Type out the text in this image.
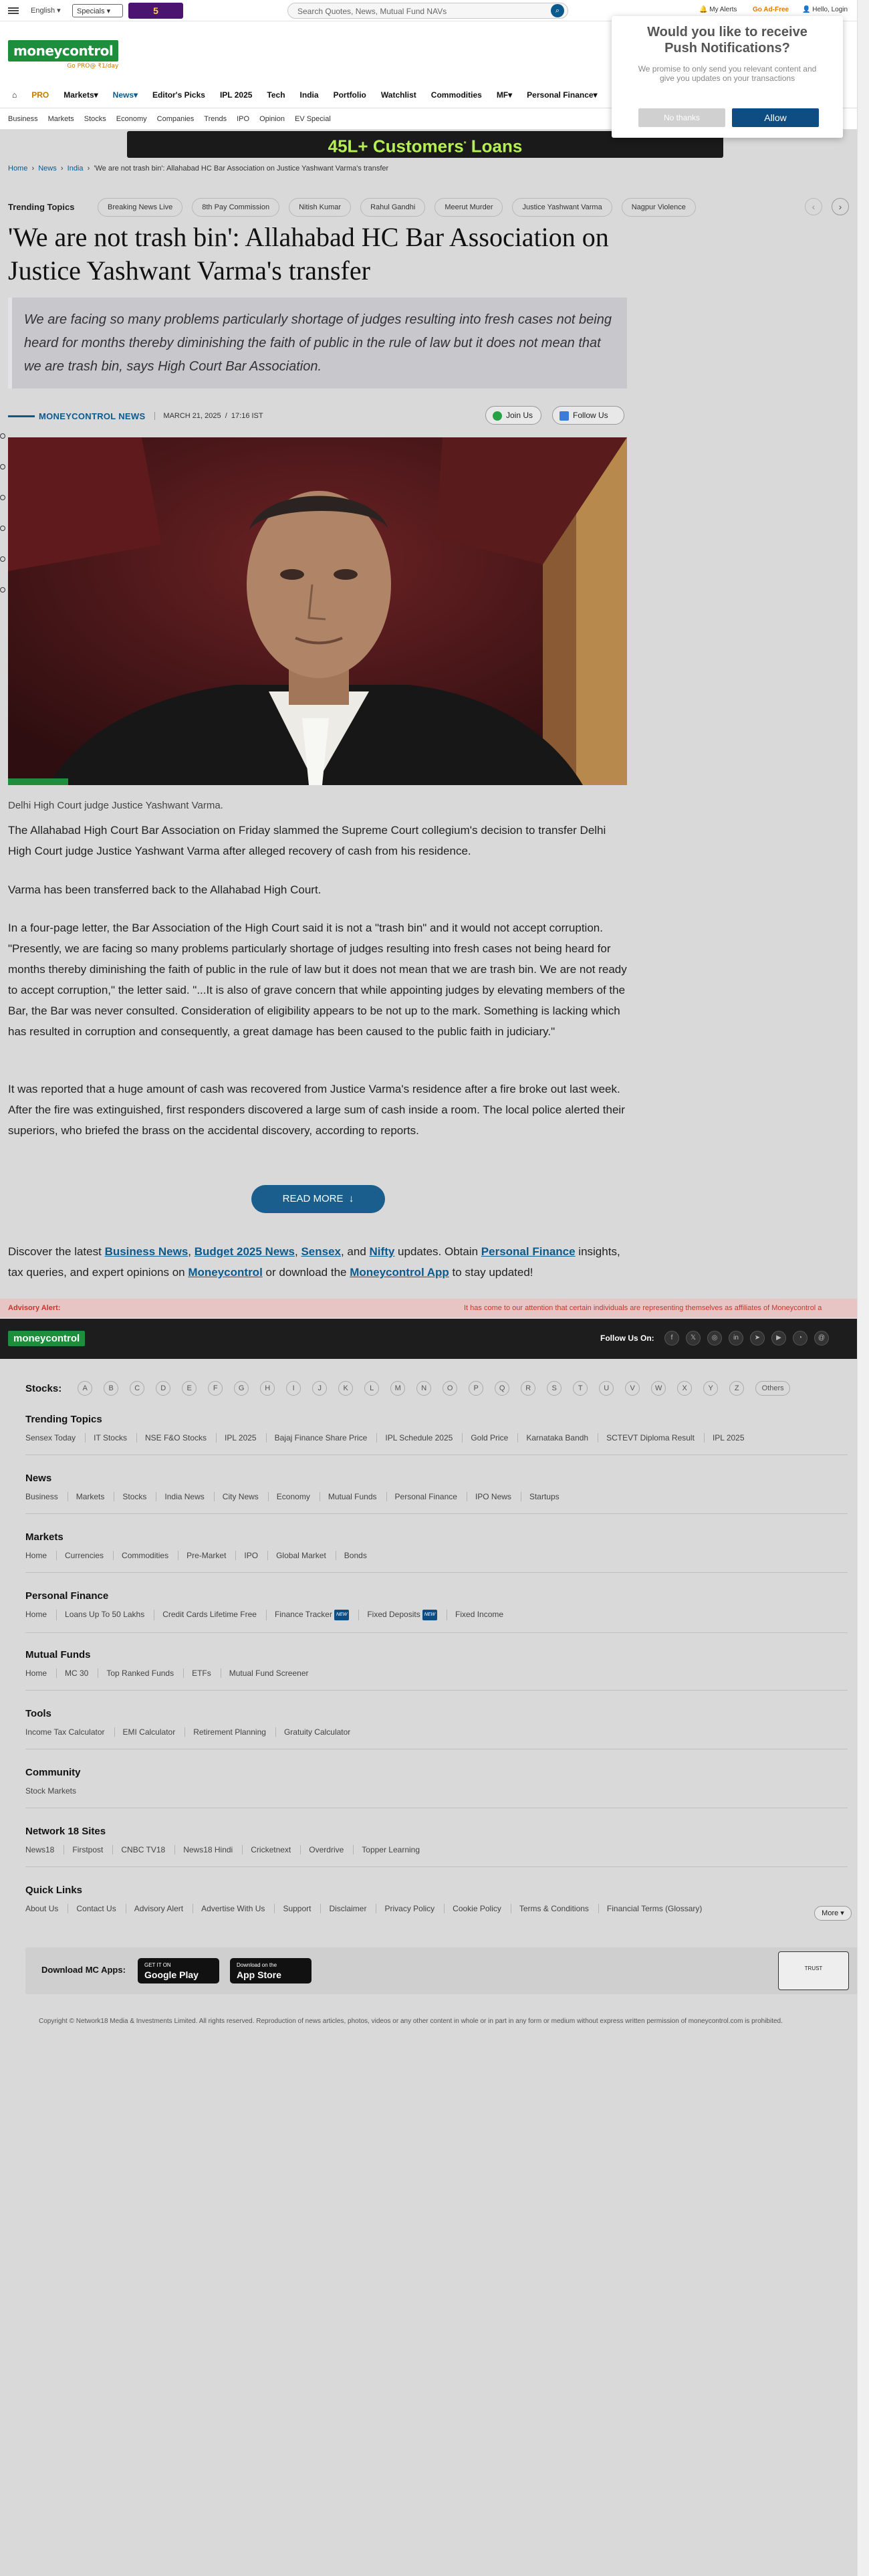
English ▾	Specials ▾	5	Search Quotes, News, Mutual Fund NAVs	⌕	🔔 My Alerts Go Ad-Free 👤 Hello, Login
moneycontrol
Go PRO@ ₹1/day
⌂ PRO Markets▾ News▾ Editor's Picks IPL 2025 Tech India Portfolio Watchlist Commodities MF▾ Personal Finance▾
Business Markets Stocks Economy Companies Trends IPO Opinion EV Special
45L+ Customers* Loans
Would you like to receive Push Notifications?

We promise to only send you relevant content and give you updates on your transactions

No thanks	Allow
Home  ›  News  ›  India  ›  'We are not trash bin': Allahabad HC Bar Association on Justice Yashwant Varma's transfer
Trending Topics	Breaking News Live	8th Pay Commission	Nitish Kumar	Rahul Gandhi	Meerut Murder	Justice Yashwant Varma	Nagpur Violence	‹	›
'We are not trash bin': Allahabad HC Bar Association on Justice Yashwant Varma's transfer
We are facing so many problems particularly shortage of judges resulting into fresh cases not being heard for months thereby diminishing the faith of public in the rule of law but it does not mean that we are trash bin, says High Court Bar Association.
MONEYCONTROL NEWS	MARCH 21, 2025  /  17:16 IST	Join Us	Follow Us
Delhi High Court judge Justice Yashwant Varma.

The Allahabad High Court Bar Association on Friday slammed the Supreme Court collegium's decision to transfer Delhi High Court judge Justice Yashwant Varma after alleged recovery of cash from his residence.

Varma has been transferred back to the Allahabad High Court.

In a four-page letter, the Bar Association of the High Court said it is not a "trash bin" and it would not accept corruption. "Presently, we are facing so many problems particularly shortage of judges resulting into fresh cases not being heard for months thereby diminishing the faith of public in the rule of law but it does not mean that we are trash bin. We are not ready to accept corruption," the letter said. "...It is also of grave concern that while appointing judges by elevating members of the Bar, the Bar was never consulted. Consideration of eligibility appears to be not up to the mark. Something is lacking which has resulted in corruption and consequently, a great damage has been caused to the public faith in judiciary."

It was reported that a huge amount of cash was recovered from Justice Varma's residence after a fire broke out last week. After the fire was extinguished, first responders discovered a large sum of cash inside a room. The local police alerted their superiors, who briefed the brass on the accidental discovery, according to reports.

READ MORE  ↓

Discover the latest Business News, Budget 2025 News, Sensex, and Nifty updates. Obtain Personal Finance insights, tax queries, and expert opinions on Moneycontrol or download the Moneycontrol App to stay updated!

Advisory Alert:	It has come to our attention that certain individuals are representing themselves as affiliates of Moneycontrol a
moneycontrol	Follow Us On:	f	𝕏	◎	in	➤	▶	◔	@
Stocks:	A	B	C	D	E	F	G	H	I	J	K	L	M	N	O	P	Q	R	S	T	U	V	W	X	Y	Z	Others
Trending Topics
Sensex Today	IT Stocks	NSE F&O Stocks	IPL 2025	Bajaj Finance Share Price	IPL Schedule 2025	Gold Price	Karnataka Bandh	SCTEVT Diploma Result	IPL 2025
News
Business	Markets	Stocks	India News	City News	Economy	Mutual Funds	Personal Finance	IPO News	Startups
Markets
Home	Currencies	Commodities	Pre-Market	IPO	Global Market	Bonds
Personal Finance
Home	Loans Up To 50 Lakhs	Credit Cards Lifetime Free	Finance Tracker NEW	Fixed Deposits NEW	Fixed Income
Mutual Funds
Home	MC 30	Top Ranked Funds	ETFs	Mutual Fund Screener
Tools
Income Tax Calculator	EMI Calculator	Retirement Planning	Gratuity Calculator
Community
Stock Markets
Network 18 Sites
News18	Firstpost	CNBC TV18	News18 Hindi	Cricketnext	Overdrive	Topper Learning
Quick Links
About Us	Contact Us	Advisory Alert	Advertise With Us	Support	Disclaimer	Privacy Policy	Cookie Policy	Terms & Conditions	Financial Terms (Glossary)	More ▾
Download MC Apps:	GET IT ON
Google Play
Download on the
App Store
TRUST

Copyright © Network18 Media & Investments Limited. All rights reserved. Reproduction of news articles, photos, videos or any other content in whole or in part in any form or medium without express written permission of moneycontrol.com is prohibited.
